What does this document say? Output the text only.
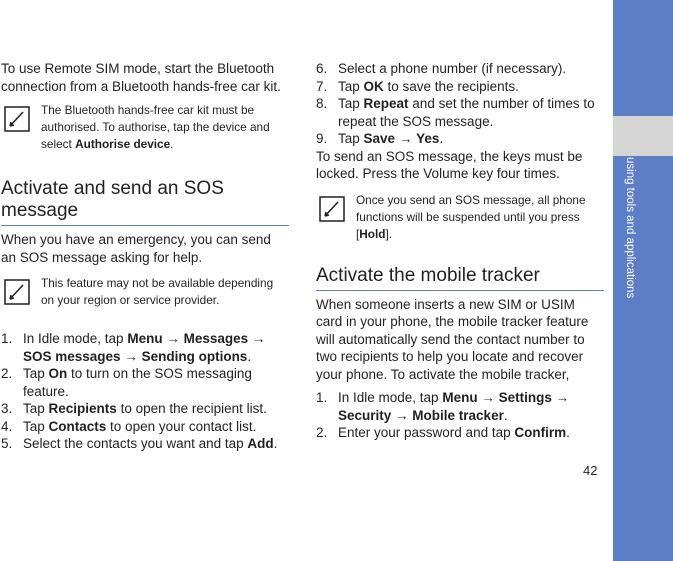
using tools and applications
42

To use Remote SIM mode, start the Bluetooth connection from a Bluetooth hands-free car kit.

The Bluetooth hands-free car kit must be authorised. To authorise, tap the device and select Authorise device.
Activate and send an SOS message

When you have an emergency, you can send an SOS message asking for help.

This feature may not be available depending on your region or service provider.
1. In Idle mode, tap Menu → Messages → SOS messages → Sending options.
2. Tap On to turn on the SOS messaging feature.
3. Tap Recipients to open the recipient list.
4. Tap Contacts to open your contact list.
5. Select the contacts you want and tap Add.
6. Select a phone number (if necessary).
7. Tap OK to save the recipients.
8. Tap Repeat and set the number of times to repeat the SOS message.
9. Tap Save → Yes.

To send an SOS message, the keys must be locked. Press the Volume key four times.

Once you send an SOS message, all phone functions will be suspended until you press [Hold].
Activate the mobile tracker

When someone inserts a new SIM or USIM card in your phone, the mobile tracker feature will automatically send the contact number to two recipients to help you locate and recover your phone. To activate the mobile tracker,

1. In Idle mode, tap Menu → Settings → Security → Mobile tracker.
2. Enter your password and tap Confirm.
